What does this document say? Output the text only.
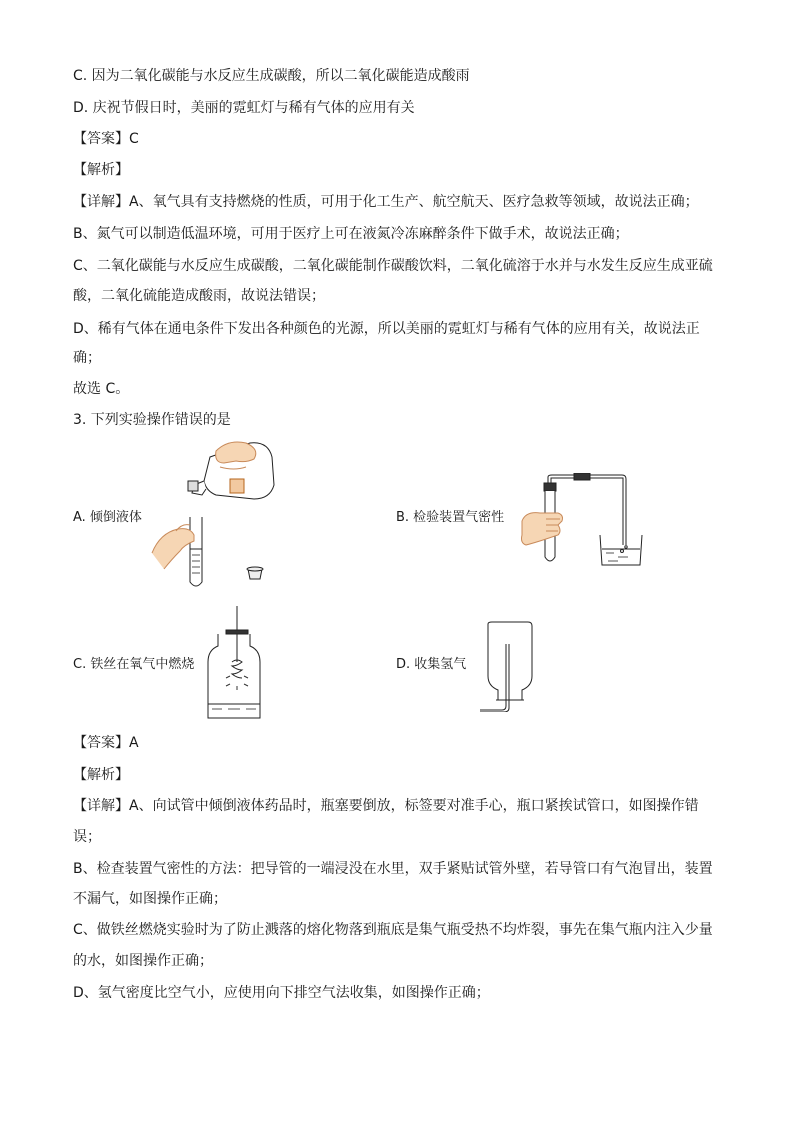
C. 因为二氧化碳能与水反应生成碳酸，所以二氧化碳能造成酸雨
D. 庆祝节假日时，美丽的霓虹灯与稀有气体的应用有关
【答案】C
【解析】
【详解】A、氧气具有支持燃烧的性质，可用于化工生产、航空航天、医疗急救等领域，故说法正确；
B、氮气可以制造低温环境，可用于医疗上可在液氮冷冻麻醉条件下做手术，故说法正确；
C、二氧化碳能与水反应生成碳酸，二氧化碳能制作碳酸饮料，二氧化硫溶于水并与水发生反应生成亚硫
酸，二氧化硫能造成酸雨，故说法错误；
D、稀有气体在通电条件下发出各种颜色的光源，所以美丽的霓虹灯与稀有气体的应用有关，故说法正
确；
故选 C。
3. 下列实验操作错误的是
A. 倾倒液体	B. 检验装置气密性
C. 铁丝在氧气中燃烧	D. 收集氢气
【答案】A
【解析】
【详解】A、向试管中倾倒液体药品时，瓶塞要倒放，标签要对准手心，瓶口紧挨试管口，如图操作错
误；
B、检查装置气密性的方法：把导管的一端浸没在水里，双手紧贴试管外壁，若导管口有气泡冒出，装置
不漏气，如图操作正确；
C、做铁丝燃烧实验时为了防止溅落的熔化物落到瓶底是集气瓶受热不均炸裂，事先在集气瓶内注入少量
的水，如图操作正确；
D、氢气密度比空气小，应使用向下排空气法收集，如图操作正确；
